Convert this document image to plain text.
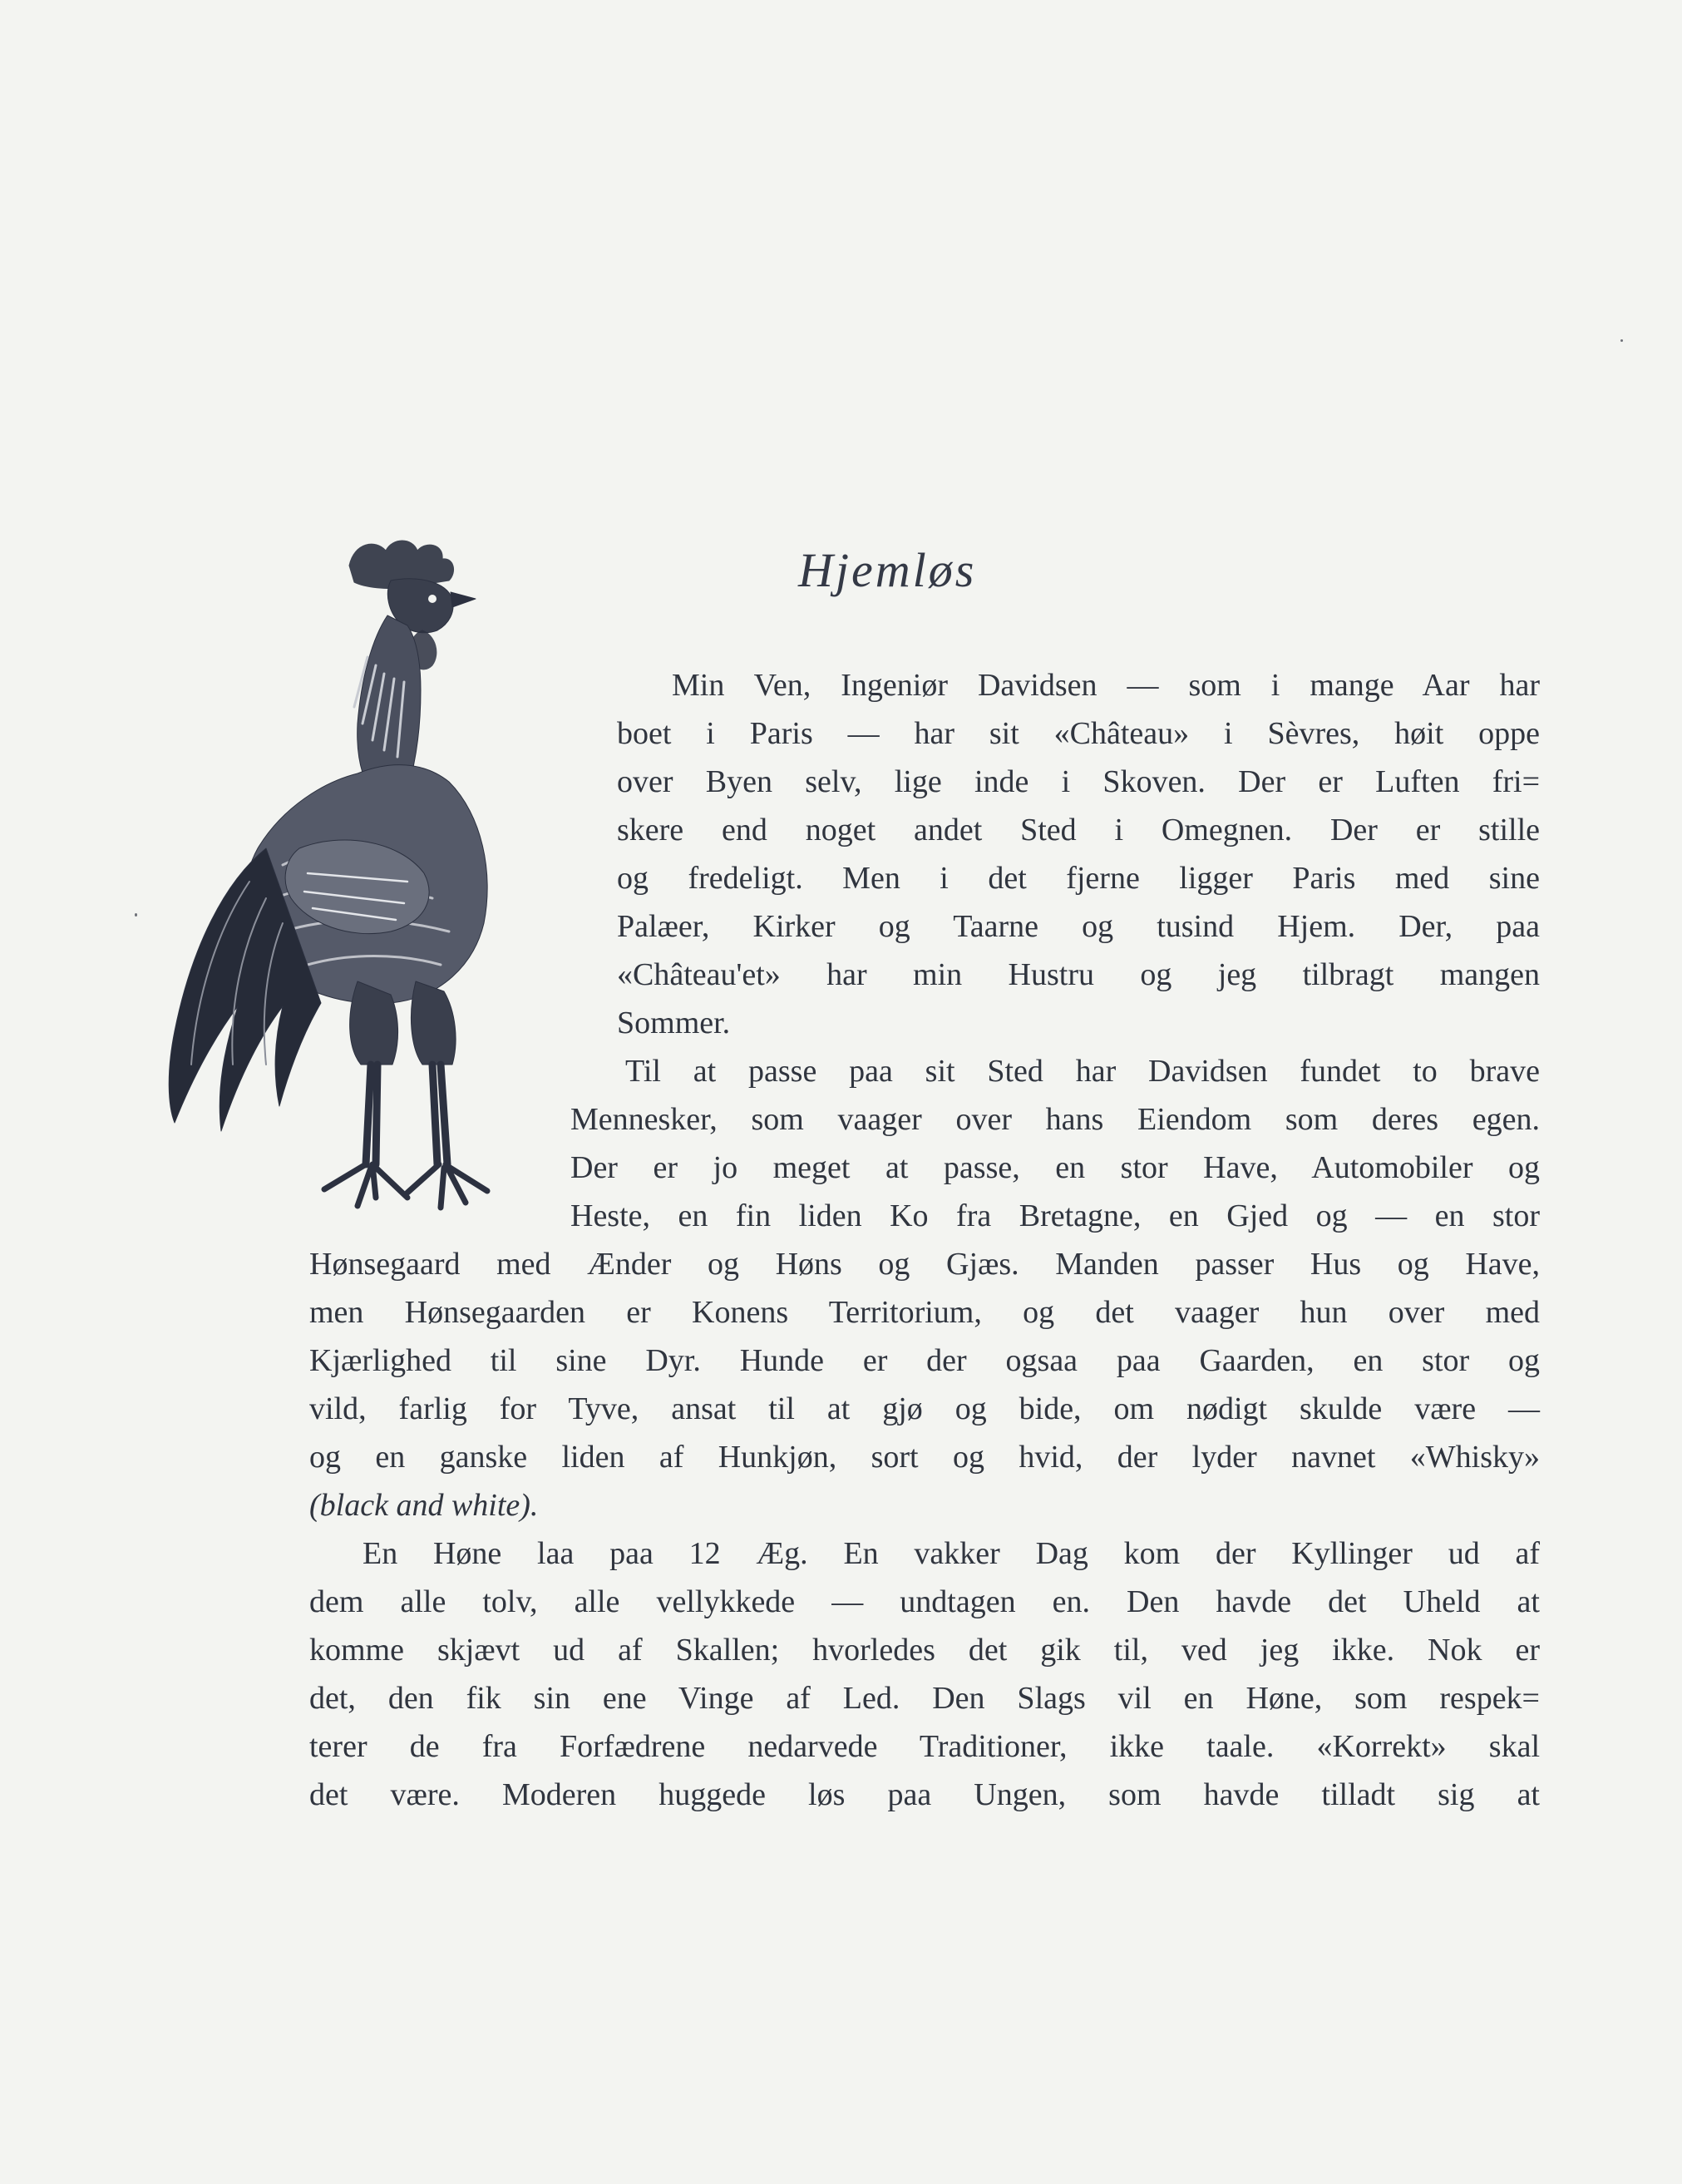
Hjemløs
Min Ven, Ingeniør Davidsen — som i mange Aar har
boet i Paris — har sit «Château» i Sèvres, høit oppe
over Byen selv, lige inde i Skoven. Der er Luften fri=
skere end noget andet Sted i Omegnen. Der er stille
og fredeligt. Men i det fjerne ligger Paris med sine
Palæer, Kirker og Taarne og tusind Hjem. Der, paa
«Château'et» har min Hustru og jeg tilbragt mangen
Sommer.
Til at passe paa sit Sted har Davidsen fundet to brave
Mennesker, som vaager over hans Eiendom som deres egen.
Der er jo meget at passe, en stor Have, Automobiler og
Heste, en fin liden Ko fra Bretagne, en Gjed og — en stor
Hønsegaard med Ænder og Høns og Gjæs. Manden passer Hus og Have,
men Hønsegaarden er Konens Territorium, og det vaager hun over med
Kjærlighed til sine Dyr. Hunde er der ogsaa paa Gaarden, en stor og
vild, farlig for Tyve, ansat til at gjø og bide, om nødigt skulde være —
og en ganske liden af Hunkjøn, sort og hvid, der lyder navnet «Whisky»
(black and white).
En Høne laa paa 12 Æg. En vakker Dag kom der Kyllinger ud af
dem alle tolv, alle vellykkede — undtagen en. Den havde det Uheld at
komme skjævt ud af Skallen; hvorledes det gik til, ved jeg ikke. Nok er
det, den fik sin ene Vinge af Led. Den Slags vil en Høne, som respek=
terer de fra Forfædrene nedarvede Traditioner, ikke taale. «Korrekt» skal
det være. Moderen huggede løs paa Ungen, som havde tilladt sig at
